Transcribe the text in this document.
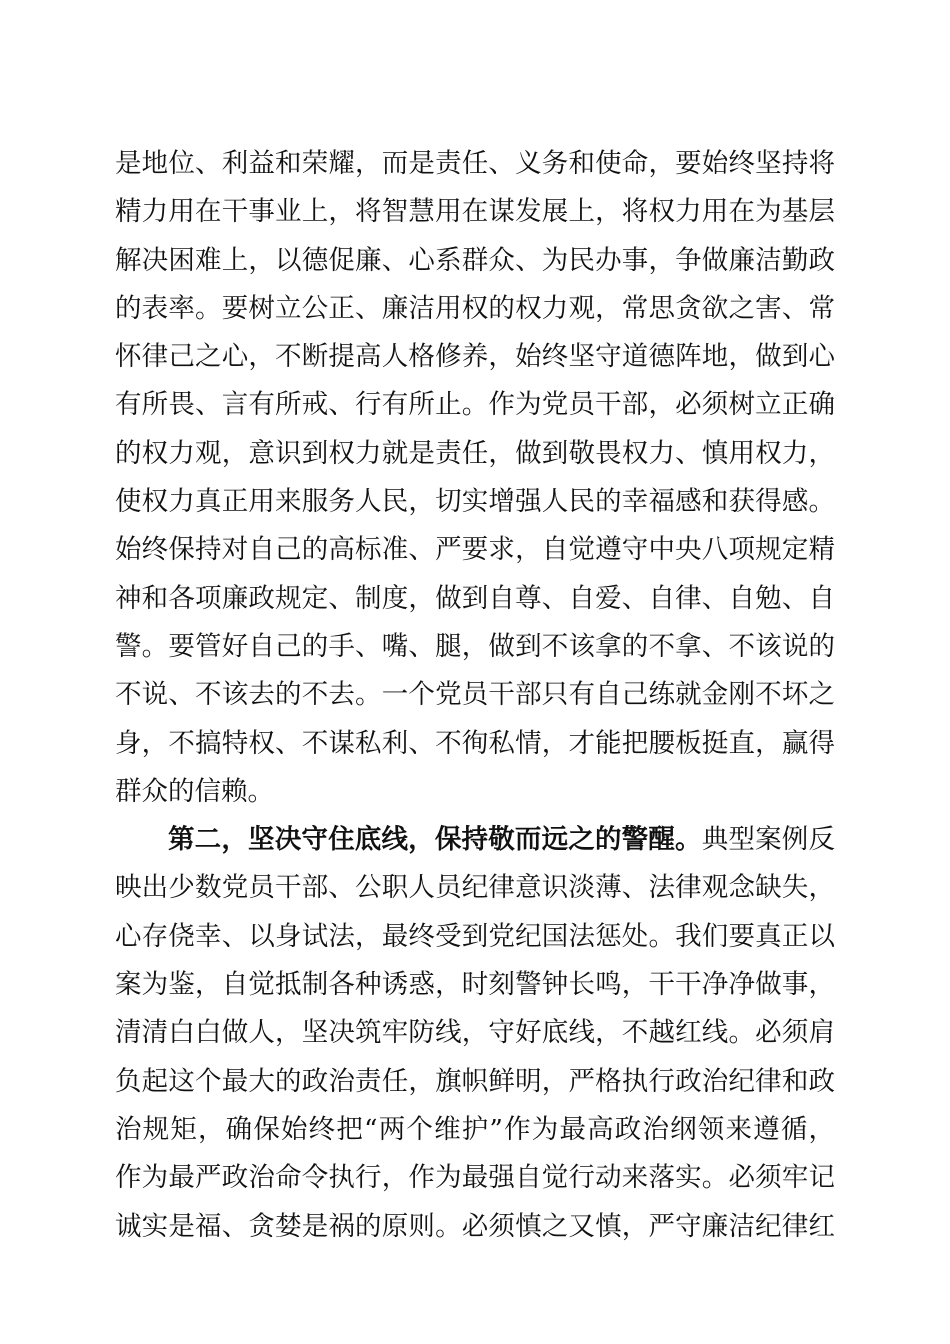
是地位、利益和荣耀，而是责任、义务和使命，要始终坚持将
精力用在干事业上，将智慧用在谋发展上，将权力用在为基层
解决困难上，以德促廉、心系群众、为民办事，争做廉洁勤政
的表率。要树立公正、廉洁用权的权力观，常思贪欲之害、常
怀律己之心，不断提高人格修养，始终坚守道德阵地，做到心
有所畏、言有所戒、行有所止。作为党员干部，必须树立正确
的权力观，意识到权力就是责任，做到敬畏权力、慎用权力，
使权力真正用来服务人民，切实增强人民的幸福感和获得感。
始终保持对自己的高标准、严要求，自觉遵守中央八项规定精
神和各项廉政规定、制度，做到自尊、自爱、自律、自勉、自
警。要管好自己的手、嘴、腿，做到不该拿的不拿、不该说的
不说、不该去的不去。一个党员干部只有自己练就金刚不坏之
身，不搞特权、不谋私利、不徇私情，才能把腰板挺直，赢得
群众的信赖。
第二，坚决守住底线，保持敬而远之的警醒。典型案例反
映出少数党员干部、公职人员纪律意识淡薄、法律观念缺失，
心存侥幸、以身试法，最终受到党纪国法惩处。我们要真正以
案为鉴，自觉抵制各种诱惑，时刻警钟长鸣，干干净净做事，
清清白白做人，坚决筑牢防线，守好底线，不越红线。必须肩
负起这个最大的政治责任，旗帜鲜明，严格执行政治纪律和政
治规矩，确保始终把“两个维护”作为最高政治纲领来遵循，
作为最严政治命令执行，作为最强自觉行动来落实。必须牢记
诚实是福、贪婪是祸的原则。必须慎之又慎，严守廉洁纪律红
